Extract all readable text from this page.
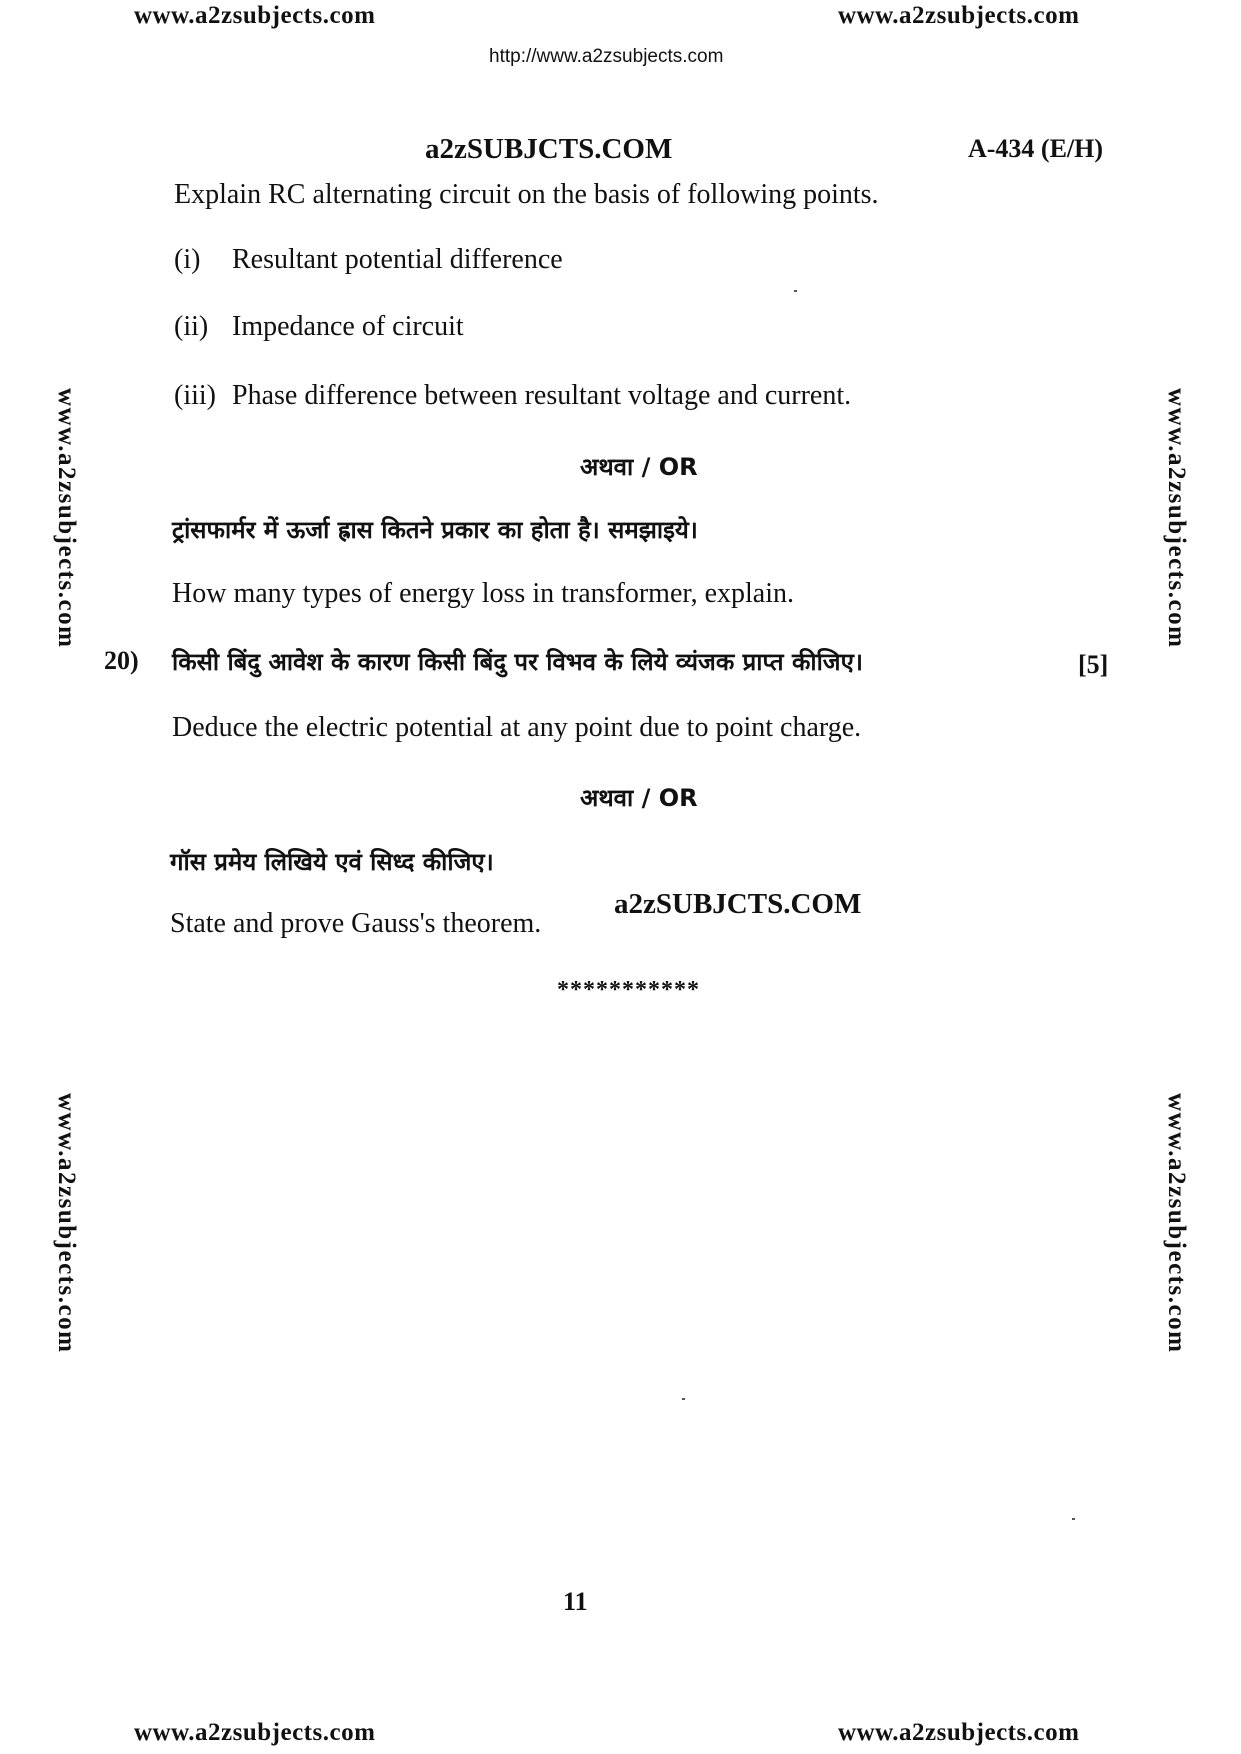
www.a2zsubjects.com	www.a2zsubjects.com
www.a2zsubjects.com	www.a2zsubjects.com
www.a2zsubjects.com
www.a2zsubjects.com
www.a2zsubjects.com
www.a2zsubjects.com
http://www.a2zsubjects.com
a2zSUBJCTS.COM	A-434 (E/H)
Explain RC alternating circuit on the basis of following points.
(i) Resultant potential difference
(ii) Impedance of circuit
(iii) Phase difference between resultant voltage and current.
अथवा / OR
ट्रांसफार्मर में ऊर्जा ह्रास कितने प्रकार का होता है। समझाइये।
How many types of energy loss in transformer, explain.
20) किसी बिंदु आवेश के कारण किसी बिंदु पर विभव के लिये व्यंजक प्राप्त कीजिए।	[5]
Deduce the electric potential at any point due to point charge.
अथवा / OR
गॉस प्रमेय लिखिये एवं सिध्द कीजिए।
State and prove Gauss's theorem.
a2zSUBJCTS.COM
***********
11
